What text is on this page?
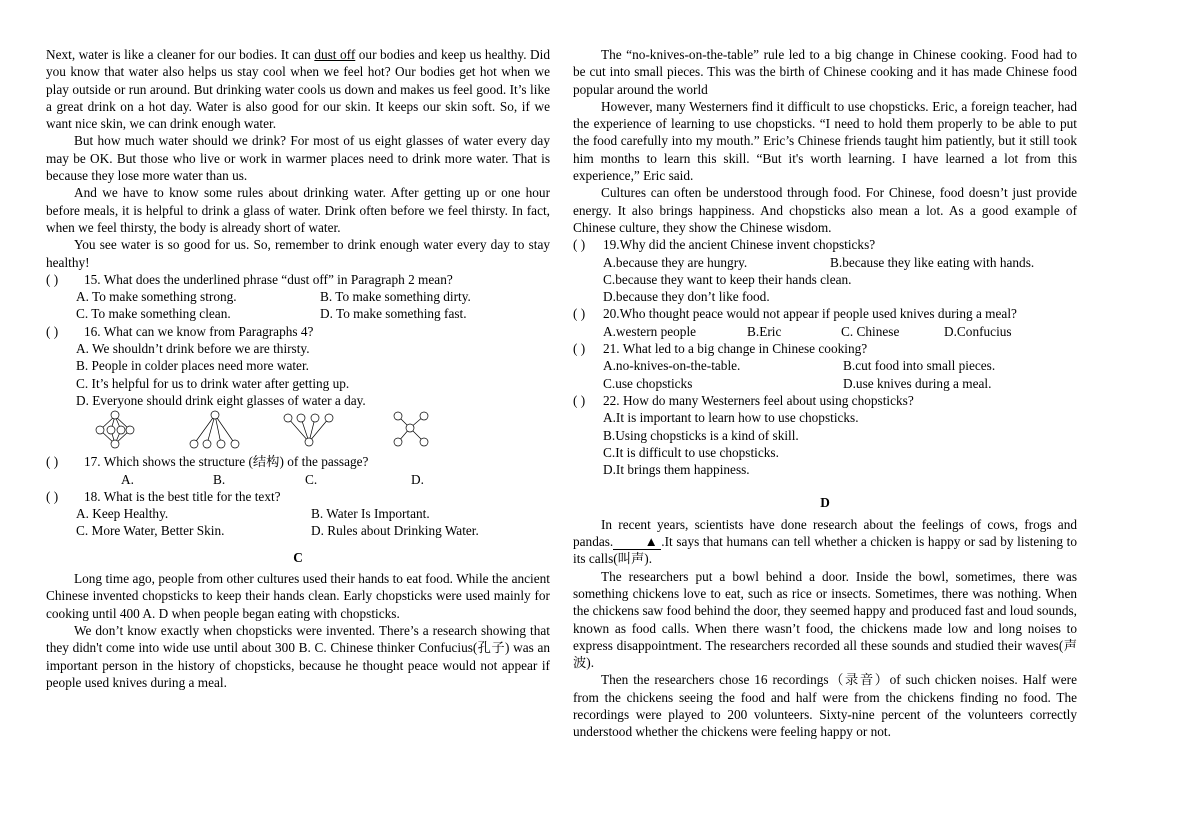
Next, water is like a cleaner for our bodies. It can dust off our bodies and keep us healthy. Did you know that water also helps us stay cool when we feel hot? Our bodies get hot when we play outside or run around. But drinking water cools us down and makes us feel good. It’s like a great drink on a hot day. Water is also good for our skin. It keeps our skin soft. So, if we want nice skin, we can drink enough water.

But how much water should we drink? For most of us eight glasses of water every day may be OK. But those who live or work in warmer places need to drink more water. That is because they lose more water than us.

And we have to know some rules about drinking water. After getting up or one hour before meals, it is helpful to drink a glass of water. Drink often before we feel thirsty. In fact, when we feel thirsty, the body is already short of water.

You see water is so good for us. So, remember to drink enough water every day to stay healthy!

( )	15. What does the underlined phrase “dust off” in Paragraph 2 mean?
A. To make something strong.	B. To make something dirty.
C. To make something clean.	D. To make something fast.
( )	16. What can we know from Paragraphs 4?
A. We shouldn’t drink before we are thirsty.
B. People in colder places need more water.
C. It’s helpful for us to drink water after getting up.
D. Everyone should drink eight glasses of water a day.
( )	17. Which shows the structure (结构) of the passage?
A.	B.	C.	D.
( )	18. What is the best title for the text?
A. Keep Healthy.	B. Water Is Important.
C. More Water, Better Skin.	D. Rules about Drinking Water.
C

Long time ago, people from other cultures used their hands to eat food. While the ancient Chinese invented chopsticks to keep their hands clean. Early chopsticks were used mainly for cooking until 400 A. D when people began eating with chopsticks.

We don’t know exactly when chopsticks were invented. There’s a research showing that they didn't come into wide use until about 300 B. C. Chinese thinker Confucius(孔子) was an important person in the history of chopsticks, because he thought peace would not appear if people used knives during a meal.

The “no-knives-on-the-table” rule led to a big change in Chinese cooking. Food had to be cut into small pieces. This was the birth of Chinese cooking and it has made Chinese food popular around the world

However, many Westerners find it difficult to use chopsticks. Eric, a foreign teacher, had the experience of learning to use chopsticks. “I need to hold them properly to be able to put the food carefully into my mouth.” Eric’s Chinese friends taught him patiently, but it still took him months to learn this skill. “But it's worth learning. I have learned a lot from this experience,” Eric said.

Cultures can often be understood through food. For Chinese, food doesn’t just provide energy. It also brings happiness. And chopsticks also mean a lot. As a good example of Chinese culture, they show the Chinese wisdom.

( )	19.Why did the ancient Chinese invent chopsticks?
A.because they are hungry.	B.because they like eating with hands.
C.because they want to keep their hands clean.
D.because they don’t like food.
( )	20.Who thought peace would not appear if people used knives during a meal?
A.western people	B.Eric	C. Chinese	D.Confucius
( )	21. What led to a big change in Chinese cooking?
A.no-knives-on-the-table.	B.cut food into small pieces.
C.use chopsticks	D.use knives during a meal.
( )	22. How do many Westerners feel about using chopsticks?
A.It is important to learn how to use chopsticks.
B.Using chopsticks is a kind of skill.
C.It is difficult to use chopsticks.
D.It brings them happiness.
D

In recent years, scientists have done research about the feelings of cows, frogs and pandas. ▲ .It says that humans can tell whether a chicken is happy or sad by listening to its calls(叫声).

The researchers put a bowl behind a door. Inside the bowl, sometimes, there was something chickens love to eat, such as rice or insects. Sometimes, there was nothing. When the chickens saw food behind the door, they seemed happy and produced fast and loud sounds, known as food calls. When there wasn’t food, the chickens made low and long noises to express disappointment. The researchers recorded all these sounds and studied their waves(声波).

Then the researchers chose 16 recordings（录音）of such chicken noises. Half were from the chickens seeing the food and half were from the chickens finding no food. The recordings were played to 200 volunteers. Sixty-nine percent of the volunteers correctly understood whether the chickens were feeling happy or not.
